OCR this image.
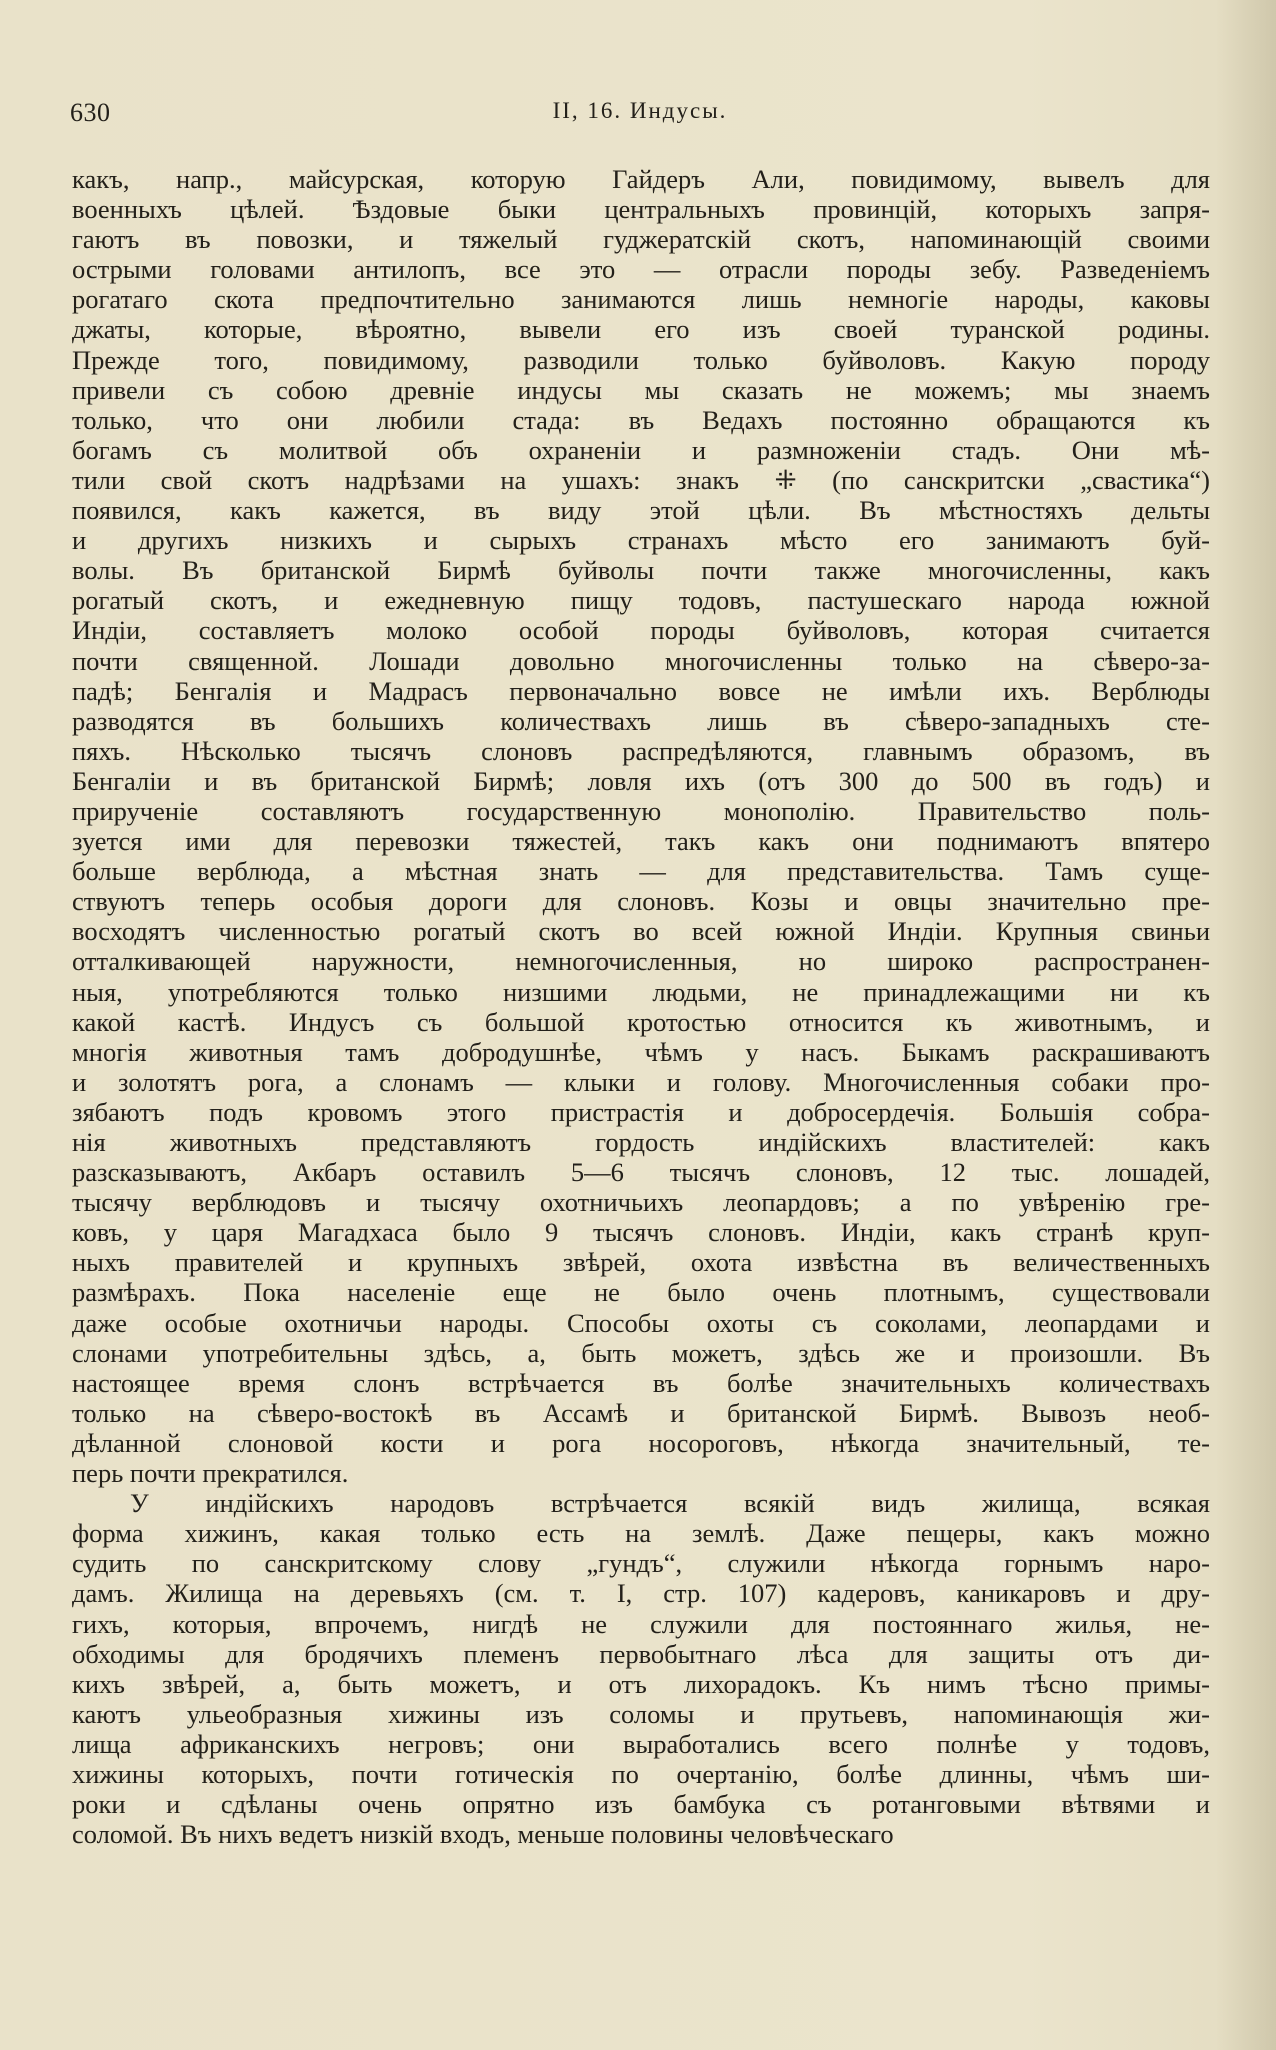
630	II, 16. Индусы.
какъ, напр., майсурская, которую Гайдеръ Али, повидимому, вывелъ для
военныхъ цѣлей. Ѣздовые быки центральныхъ провинцій, которыхъ запря-
гаютъ въ повозки, и тяжелый гуджератскій скотъ, напоминающій своими
острыми головами антилопъ, все это — отрасли породы зебу. Разведеніемъ
рогатаго скота предпочтительно занимаются лишь немногіе народы, каковы
джаты, которые, вѣроятно, вывели его изъ своей туранской родины.
Прежде того, повидимому, разводили только буйволовъ. Какую породу
привели съ собою древніе индусы мы сказать не можемъ; мы знаемъ
только, что они любили стада: въ Ведахъ постоянно обращаются къ
богамъ съ молитвой объ охраненіи и размноженіи стадъ. Они мѣ-
тили свой скотъ надрѣзами на ушахъ: знакъ ⁜ (по санскритски „свастика“)
появился, какъ кажется, въ виду этой цѣли. Въ мѣстностяхъ дельты
и другихъ низкихъ и сырыхъ странахъ мѣсто его занимаютъ буй-
волы. Въ британской Бирмѣ буйволы почти также многочисленны, какъ
рогатый скотъ, и ежедневную пищу тодовъ, пастушескаго народа южной
Индіи, составляетъ молоко особой породы буйволовъ, которая считается
почти священной. Лошади довольно многочисленны только на сѣверо-за-
падѣ; Бенгалія и Мадрасъ первоначально вовсе не имѣли ихъ. Верблюды
разводятся въ большихъ количествахъ лишь въ сѣверо-западныхъ сте-
пяхъ. Нѣсколько тысячъ слоновъ распредѣляются, главнымъ образомъ, въ
Бенгаліи и въ британской Бирмѣ; ловля ихъ (отъ 300 до 500 въ годъ) и
прирученіе составляютъ государственную монополію. Правительство поль-
зуется ими для перевозки тяжестей, такъ какъ они поднимаютъ впятеро
больше верблюда, а мѣстная знать — для представительства. Тамъ суще-
ствуютъ теперь особыя дороги для слоновъ. Козы и овцы значительно пре-
восходятъ численностью рогатый скотъ во всей южной Индіи. Крупныя свиньи
отталкивающей наружности, немногочисленныя, но широко распространен-
ныя, употребляются только низшими людьми, не принадлежащими ни къ
какой кастѣ. Индусъ съ большой кротостью относится къ животнымъ, и
многія животныя тамъ добродушнѣе, чѣмъ у насъ. Быкамъ раскрашиваютъ
и золотятъ рога, а слонамъ — клыки и голову. Многочисленныя собаки про-
зябаютъ подъ кровомъ этого пристрастія и добросердечія. Большія собра-
нія животныхъ представляютъ гордость индійскихъ властителей: какъ
разсказываютъ, Акбаръ оставилъ 5—6 тысячъ слоновъ, 12 тыс. лошадей,
тысячу верблюдовъ и тысячу охотничьихъ леопардовъ; а по увѣренію гре-
ковъ, у царя Магадхаса было 9 тысячъ слоновъ. Индіи, какъ странѣ круп-
ныхъ правителей и крупныхъ звѣрей, охота извѣстна въ величественныхъ
размѣрахъ. Пока населеніе еще не было очень плотнымъ, существовали
даже особые охотничьи народы. Способы охоты съ соколами, леопардами и
слонами употребительны здѣсь, а, быть можетъ, здѣсь же и произошли. Въ
настоящее время слонъ встрѣчается въ болѣе значительныхъ количествахъ
только на сѣверо-востокѣ въ Ассамѣ и британской Бирмѣ. Вывозъ необ-
дѣланной слоновой кости и рога носороговъ, нѣкогда значительный, те-
перь почти прекратился.
У индійскихъ народовъ встрѣчается всякій видъ жилища, всякая
форма хижинъ, какая только есть на землѣ. Даже пещеры, какъ можно
судить по санскритскому слову „гундъ“, служили нѣкогда горнымъ наро-
дамъ. Жилища на деревьяхъ (см. т. I, стр. 107) кадеровъ, каникаровъ и дру-
гихъ, которыя, впрочемъ, нигдѣ не служили для постояннаго жилья, не-
обходимы для бродячихъ племенъ первобытнаго лѣса для защиты отъ ди-
кихъ звѣрей, а, быть можетъ, и отъ лихорадокъ. Къ нимъ тѣсно примы-
каютъ ульеобразныя хижины изъ соломы и прутьевъ, напоминающія жи-
лища африканскихъ негровъ; они выработались всего полнѣе у тодовъ,
хижины которыхъ, почти готическія по очертанію, болѣе длинны, чѣмъ ши-
роки и сдѣланы очень опрятно изъ бамбука съ ротанговыми вѣтвями и
соломой. Въ нихъ ведетъ низкій входъ, меньше половины человѣческаго
